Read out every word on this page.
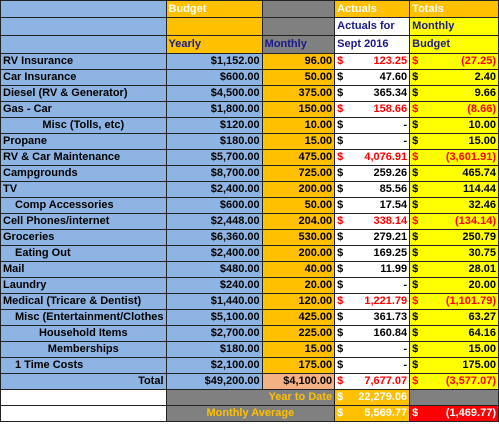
	Budget		Actuals	Totals
			Actuals for	Monthly
	Yearly	Monthly	Sept 2016	Budget
RV Insurance	$1,152.00	96.00	$ 123.25	$ (27.25)

Car Insurance	$600.00	50.00	$ 47.60	$ 2.40

Diesel (RV & Generator)	$4,500.00	375.00	$ 365.34	$ 9.66

Gas - Car	$1,800.00	150.00	$ 158.66	$ (8.66)

Misc (Tolls, etc)	$120.00	10.00	$ -	$ 10.00

Propane	$180.00	15.00	$ -	$ 15.00

RV & Car Maintenance	$5,700.00	475.00	$ 4,076.91	$ (3,601.91)

Campgrounds	$8,700.00	725.00	$ 259.26	$ 465.74

TV	$2,400.00	200.00	$ 85.56	$ 114.44

Comp Accessories	$600.00	50.00	$ 17.54	$ 32.46

Cell Phones/internet	$2,448.00	204.00	$ 338.14	$ (134.14)

Groceries	$6,360.00	530.00	$ 279.21	$ 250.79

Eating Out	$2,400.00	200.00	$ 169.25	$ 30.75

Mail	$480.00	40.00	$ 11.99	$ 28.01

Laundry	$240.00	20.00	$ -	$ 20.00

Medical (Tricare & Dentist)	$1,440.00	120.00	$ 1,221.79	$ (1,101.79)

Misc (Entertainment/Clothes	$5,100.00	425.00	$ 361.73	$ 63.27

Household Items	$2,700.00	225.00	$ 160.84	$ 64.16

Memberships	$180.00	15.00	$ -	$ 15.00

1 Time Costs	$2,100.00	175.00	$ -	$ 175.00

Total	$49,200.00	$4,100.00	$ 7,677.07	$ (3,577.07)

	Year to Date		$ 22,279.06	

	Monthly Average		$ 5,569.77	$ (1,469.77)
